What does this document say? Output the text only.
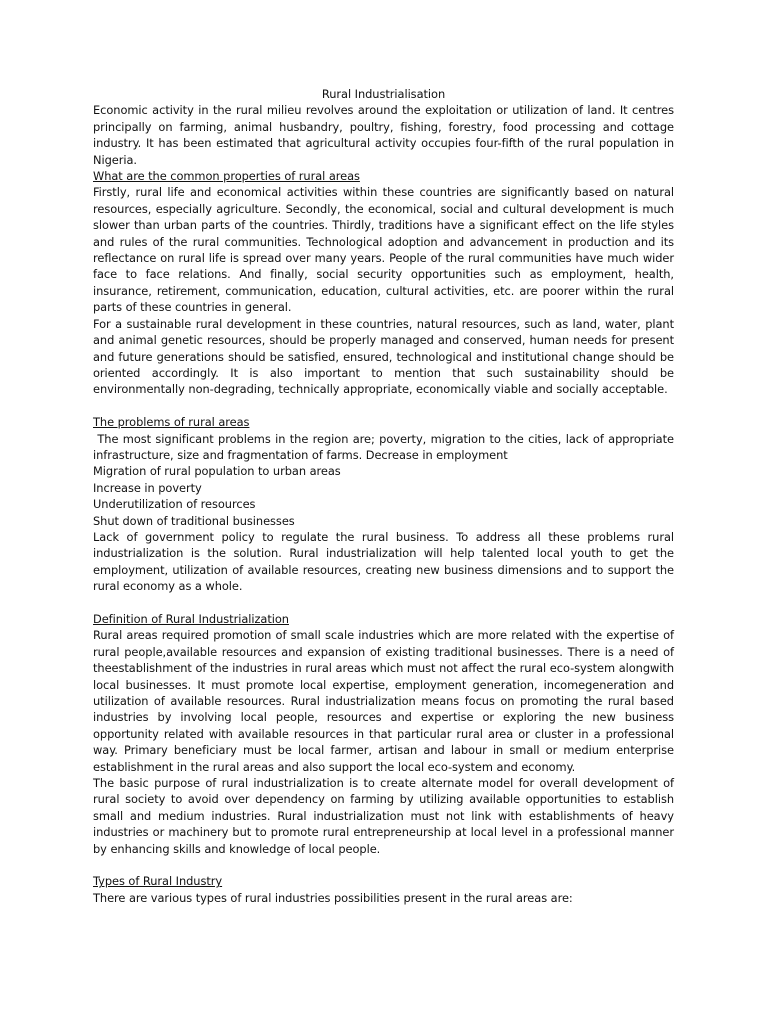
Rural Industrialisation

Economic activity in the rural milieu revolves around the exploitation or utilization of land. It centres principally on farming, animal husbandry, poultry, fishing, forestry, food processing and cottage industry. It has been estimated that agricultural activity occupies four-fifth of the rural population in Nigeria.

What are the common properties of rural areas

Firstly, rural life and economical activities within these countries are significantly based on natural resources, especially agriculture. Secondly, the economical, social and cultural development is much slower than urban parts of the countries. Thirdly, traditions have a significant effect on the life styles and rules of the rural communities. Technological adoption and advancement in production and its reflectance on rural life is spread over many years. People of the rural communities have much wider face to face relations. And finally, social security opportunities such as employment, health, insurance, retirement, communication, education, cultural activities, etc. are poorer within the rural parts of these countries in general.

For a sustainable rural development in these countries, natural resources, such as land, water, plant and animal genetic resources, should be properly managed and conserved, human needs for present and future generations should be satisfied, ensured, technological and institutional change should be oriented accordingly. It is also important to mention that such sustainability should be environmentally non-degrading, technically appropriate, economically viable and socially acceptable.

The problems of rural areas

The most significant problems in the region are; poverty, migration to the cities, lack of appropriate infrastructure, size and fragmentation of farms. Decrease in employment

Migration of rural population to urban areas

Increase in poverty

Underutilization of resources

Shut down of traditional businesses

Lack of government policy to regulate the rural business. To address all these problems rural industrialization is the solution. Rural industrialization will help talented local youth to get the employment, utilization of available resources, creating new business dimensions and to support the rural economy as a whole.

Definition of Rural Industrialization

Rural areas required promotion of small scale industries which are more related with the expertise of rural people,available resources and expansion of existing traditional businesses. There is a need of theestablishment of the industries in rural areas which must not affect the rural eco-system alongwith local businesses. It must promote local expertise, employment generation, incomegeneration and utilization of available resources. Rural industrialization means focus on promoting the rural based industries by involving local people, resources and expertise or exploring the new business opportunity related with available resources in that particular rural area or cluster in a professional way. Primary beneficiary must be local farmer, artisan and labour in small or medium enterprise establishment in the rural areas and also support the local eco-system and economy.

The basic purpose of rural industrialization is to create alternate model for overall development of rural society to avoid over dependency on farming by utilizing available opportunities to establish small and medium industries. Rural industrialization must not link with establishments of heavy industries or machinery but to promote rural entrepreneurship at local level in a professional manner by enhancing skills and knowledge of local people.

Types of Rural Industry

There are various types of rural industries possibilities present in the rural areas are:
